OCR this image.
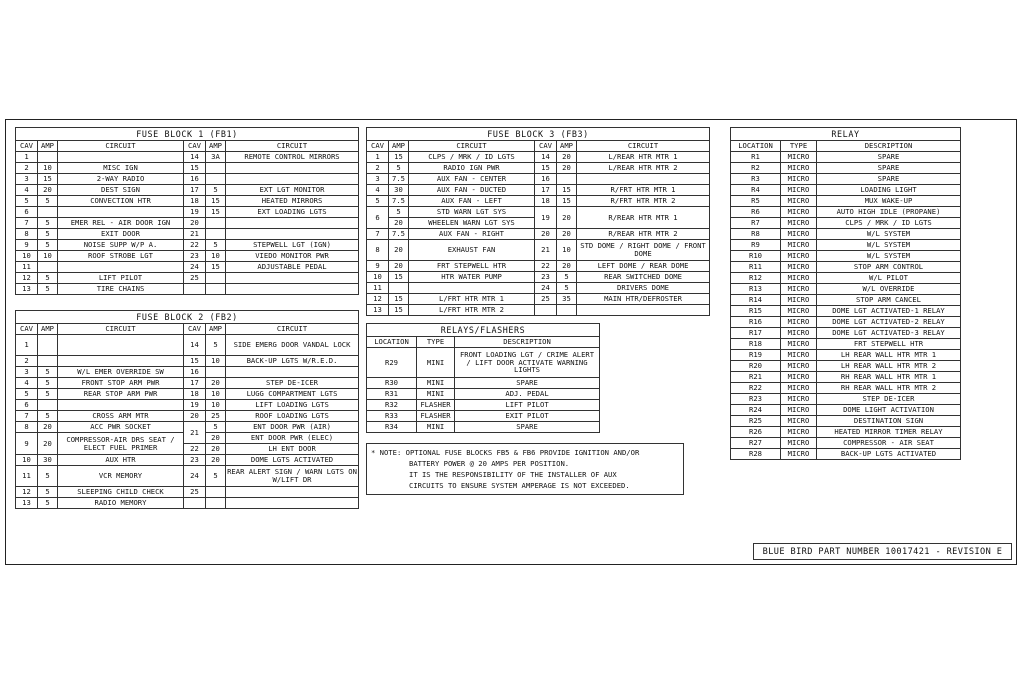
FUSE BLOCK 1 (FB1)					
CAV	AMP	CIRCUIT	CAV	AMP	CIRCUIT
1			14	3A	REMOTE CONTROL MIRRORS
2	10	MISC IGN	15		
3	15	2-WAY RADIO	16		
4	20	DEST SIGN	17	5	EXT LGT MONITOR
5	5	CONVECTION HTR	18	15	HEATED MIRRORS
6			19	15	EXT LOADING LGTS
7	5	EMER REL - AIR DOOR IGN	20		
8	5	EXIT DOOR	21		
9	5	NOISE SUPP W/P A.	22	5	STEPWELL LGT (IGN)
10	10	ROOF STROBE LGT	23	10	VIEDO MONITOR PWR
11			24	15	ADJUSTABLE PEDAL
12	5	LIFT PILOT	25		
13	5	TIRE CHAINS			
FUSE BLOCK 2 (FB2)					
CAV	AMP	CIRCUIT	CAV	AMP	CIRCUIT
1			14	5	SIDE EMERG DOOR VANDAL LOCK
2			15	10	BACK-UP LGTS W/R.E.D.
3	5	W/L EMER OVERRIDE SW	16		
4	5	FRONT STOP ARM PWR	17	20	STEP DE-ICER
5	5	REAR STOP ARM PWR	18	10	LUGG COMPARTMENT LGTS
6			19	10	LIFT LOADING LGTS
7	5	CROSS ARM MTR	20	25	ROOF LOADING LGTS
8	20	ACC PWR SOCKET	21	5	ENT DOOR PWR (AIR)
9	20	COMPRESSOR-AIR DRS SEAT / ELECT FUEL PRIMER		20	ENT DOOR PWR (ELEC)
			22	20	LH ENT DOOR
10	30	AUX HTR	23	20	DOME LGTS ACTIVATED
11	5	VCR MEMORY	24	5	REAR ALERT SIGN / WARN LGTS ON W/LIFT DR
12	5	SLEEPING CHILD CHECK	25		
13	5	RADIO MEMORY			
FUSE BLOCK 3 (FB3)					
CAV	AMP	CIRCUIT	CAV	AMP	CIRCUIT
1	15	CLPS / MRK / ID LGTS	14	20	L/REAR HTR MTR 1
2	5	RADIO IGN PWR	15	20	L/REAR HTR MTR 2
3	7.5	AUX FAN - CENTER	16		
4	30	AUX FAN - DUCTED	17	15	R/FRT HTR MTR 1
5	7.5	AUX FAN - LEFT	18	15	R/FRT HTR MTR 2
6	5	STD WARN LGT SYS	19	20	R/REAR HTR MTR 1
	20	WHEELEN WARN LGT SYS			
7	7.5	AUX FAN - RIGHT	20	20	R/REAR HTR MTR 2
8	20	EXHAUST FAN	21	10	STD DOME / RIGHT DOME / FRONT DOME
9	20	FRT STEPWELL HTR	22	20	LEFT DOME / REAR DOME
10	15	HTR WATER PUMP	23	5	REAR SWITCHED DOME
11			24	5	DRIVERS DOME
12	15	L/FRT HTR MTR 1	25	35	MAIN HTR/DEFROSTER
13	15	L/FRT HTR MTR 2			
RELAYS/FLASHERS		
LOCATION	TYPE	DESCRIPTION
R29	MINI	FRONT LOADING LGT / CRIME ALERT / LIFT DOOR ACTIVATE WARNING LIGHTS
R30	MINI	SPARE
R31	MINI	ADJ. PEDAL
R32	FLASHER	LIFT PILOT
R33	FLASHER	EXIT PILOT
R34	MINI	SPARE
RELAY		
LOCATION	TYPE	DESCRIPTION
R1	MICRO	SPARE
R2	MICRO	SPARE
R3	MICRO	SPARE
R4	MICRO	LOADING LIGHT
R5	MICRO	MUX WAKE-UP
R6	MICRO	AUTO HIGH IDLE (PROPANE)
R7	MICRO	CLPS / MRK / ID LGTS
R8	MICRO	W/L SYSTEM
R9	MICRO	W/L SYSTEM
R10	MICRO	W/L SYSTEM
R11	MICRO	STOP ARM CONTROL
R12	MICRO	W/L PILOT
R13	MICRO	W/L OVERRIDE
R14	MICRO	STOP ARM CANCEL
R15	MICRO	DOME LGT ACTIVATED-1 RELAY
R16	MICRO	DOME LGT ACTIVATED-2 RELAY
R17	MICRO	DOME LGT ACTIVATED-3 RELAY
R18	MICRO	FRT STEPWELL HTR
R19	MICRO	LH REAR WALL HTR MTR 1
R20	MICRO	LH REAR WALL HTR MTR 2
R21	MICRO	RH REAR WALL HTR MTR 1
R22	MICRO	RH REAR WALL HTR MTR 2
R23	MICRO	STEP DE-ICER
R24	MICRO	DOME LIGHT ACTIVATION
R25	MICRO	DESTINATION SIGN
R26	MICRO	HEATED MIRROR TIMER RELAY
R27	MICRO	COMPRESSOR - AIR SEAT
R28	MICRO	BACK-UP LGTS ACTIVATED

* NOTE: OPTIONAL FUSE BLOCKS FB5 & FB6 PROVIDE IGNITION AND/OR

BATTERY POWER @ 20 AMPS PER POSITION.

IT IS THE RESPONSIBILITY OF THE INSTALLER OF AUX

CIRCUITS TO ENSURE SYSTEM AMPERAGE IS NOT EXCEEDED.

BLUE BIRD PART NUMBER 10017421 - REVISION E
